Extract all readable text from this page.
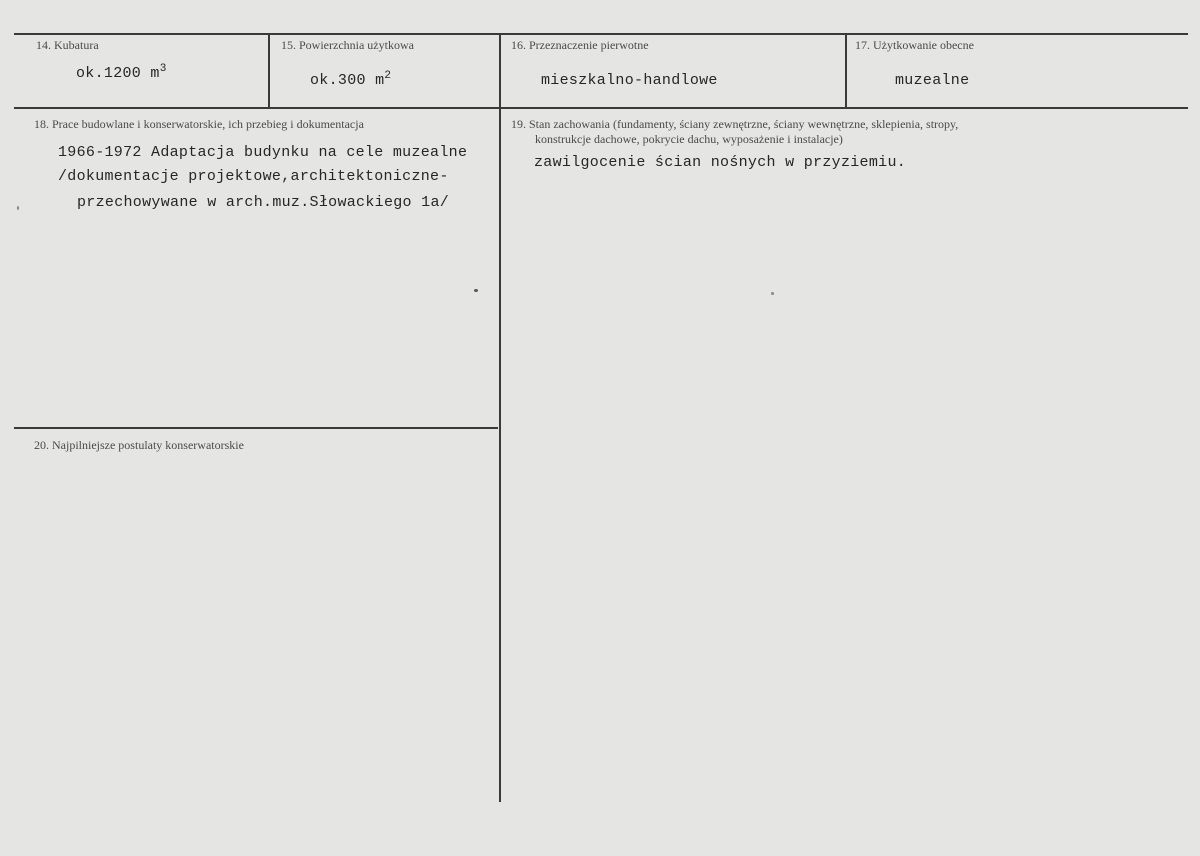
14. Kubatura
ok.1200 $m^3$
15. Powierzchnia użytkowa
ok.300 $m^2$
16. Przeznaczenie pierwotne
mieszkalno-handlowe
17. Użytkowanie obecne
muzealne
18. Prace budowlane i konserwatorskie, ich przebieg i dokumentacja
1966-1972 Adaptacja budynku na cele muzealne
/dokumentacje projektowe,architektoniczne-
przechowywane w arch.muz.Słowackiego 1a/
19. Stan zachowania (fundamenty, ściany zewnętrzne, ściany wewnętrzne, sklepienia, stropy,
konstrukcje dachowe, pokrycie dachu, wyposażenie i instalacje)
zawilgocenie ścian nośnych w przyziemiu.
20. Najpilniejsze postulaty konserwatorskie
